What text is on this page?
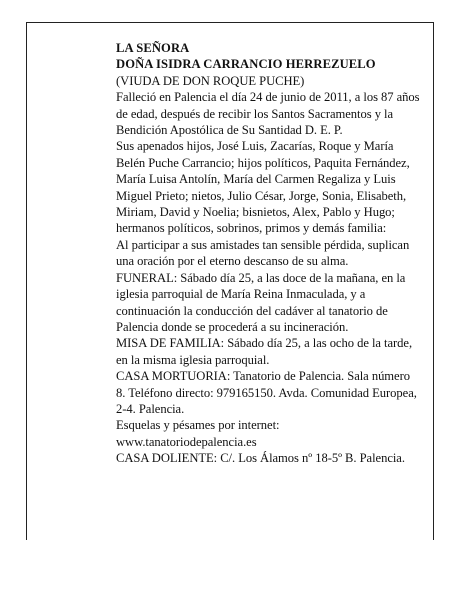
LA SEÑORA

DOÑA ISIDRA CARRANCIO HERREZUELO

(VIUDA DE DON ROQUE PUCHE)

Falleció en Palencia el día 24 de junio de 2011, a los 87 años de edad, después de recibir los Santos Sacramentos y la Bendición Apostólica de Su Santidad D. E. P.

Sus apenados hijos, José Luis, Zacarías, Roque y María Belén Puche Carrancio; hijos políticos, Paquita Fernández, María Luisa Antolín, María del Carmen Regaliza y Luis Miguel Prieto; nietos, Julio César, Jorge, Sonia, Elisabeth, Miriam, David y Noelia; bisnietos, Alex, Pablo y Hugo; hermanos políticos, sobrinos, primos y demás familia:

Al participar a sus amistades tan sensible pérdida, suplican una oración por el eterno descanso de su alma.

FUNERAL: Sábado día 25, a las doce de la mañana, en la iglesia parroquial de María Reina Inmaculada, y a continuación la conducción del cadáver al tanatorio de Palencia donde se procederá a su incineración.

MISA DE FAMILIA: Sábado día 25, a las ocho de la tarde, en la misma iglesia parroquial.

CASA MORTUORIA: Tanatorio de Palencia. Sala número 8. Teléfono directo: 979165150. Avda. Comunidad Europea, 2-4. Palencia.

Esquelas y pésames por internet: www.tanatoriodepalencia.es

CASA DOLIENTE: C/. Los Álamos nº 18-5º B. Palencia.
